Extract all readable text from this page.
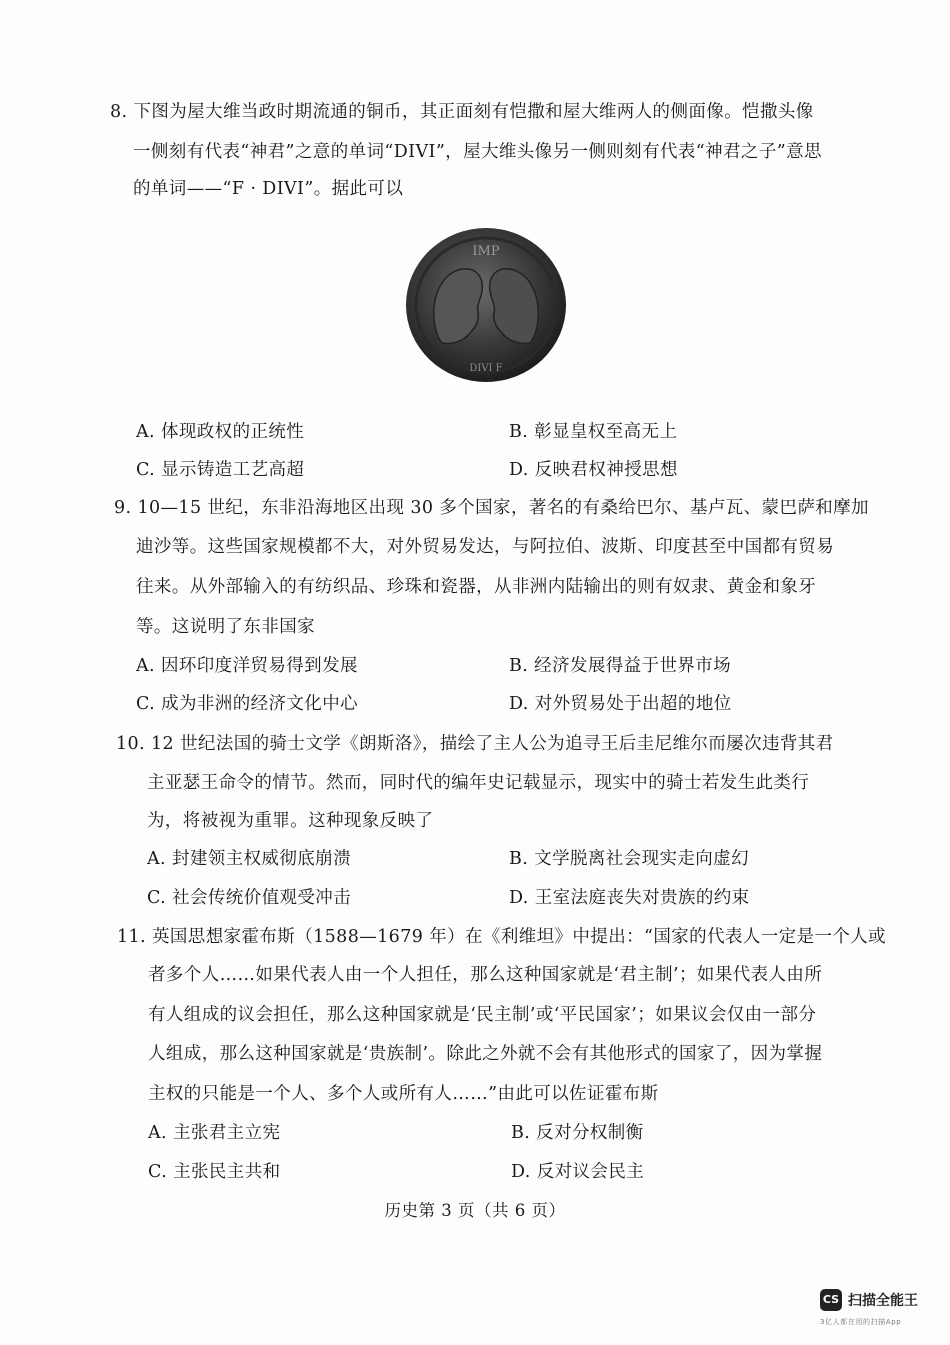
8. 下图为屋大维当政时期流通的铜币，其正面刻有恺撒和屋大维两人的侧面像。恺撒头像
一侧刻有代表“神君”之意的单词“DIVI”，屋大维头像另一侧则刻有代表“神君之子”意思
的单词——“F · DIVI”。据此可以
IMP
DIVI F
A. 体现政权的正统性	B. 彰显皇权至高无上
C. 显示铸造工艺高超	D. 反映君权神授思想
9. 10—15 世纪，东非沿海地区出现 30 多个国家，著名的有桑给巴尔、基卢瓦、蒙巴萨和摩加
迪沙等。这些国家规模都不大，对外贸易发达，与阿拉伯、波斯、印度甚至中国都有贸易
往来。从外部输入的有纺织品、珍珠和瓷器，从非洲内陆输出的则有奴隶、黄金和象牙
等。这说明了东非国家
A. 因环印度洋贸易得到发展	B. 经济发展得益于世界市场
C. 成为非洲的经济文化中心	D. 对外贸易处于出超的地位
10. 12 世纪法国的骑士文学《朗斯洛》，描绘了主人公为追寻王后圭尼维尔而屡次违背其君
主亚瑟王命令的情节。然而，同时代的编年史记载显示，现实中的骑士若发生此类行
为，将被视为重罪。这种现象反映了
A. 封建领主权威彻底崩溃	B. 文学脱离社会现实走向虚幻
C. 社会传统价值观受冲击	D. 王室法庭丧失对贵族的约束
11. 英国思想家霍布斯（1588—1679 年）在《利维坦》中提出：“国家的代表人一定是一个人或
者多个人……如果代表人由一个人担任，那么这种国家就是‘君主制’；如果代表人由所
有人组成的议会担任，那么这种国家就是‘民主制’或‘平民国家’；如果议会仅由一部分
人组成，那么这种国家就是‘贵族制’。除此之外就不会有其他形式的国家了，因为掌握
主权的只能是一个人、多个人或所有人……”由此可以佐证霍布斯
A. 主张君主立宪	B. 反对分权制衡
C. 主张民主共和	D. 反对议会民主
历史第 3 页（共 6 页）
CS 扫描全能王
3亿人都在用的扫描App
